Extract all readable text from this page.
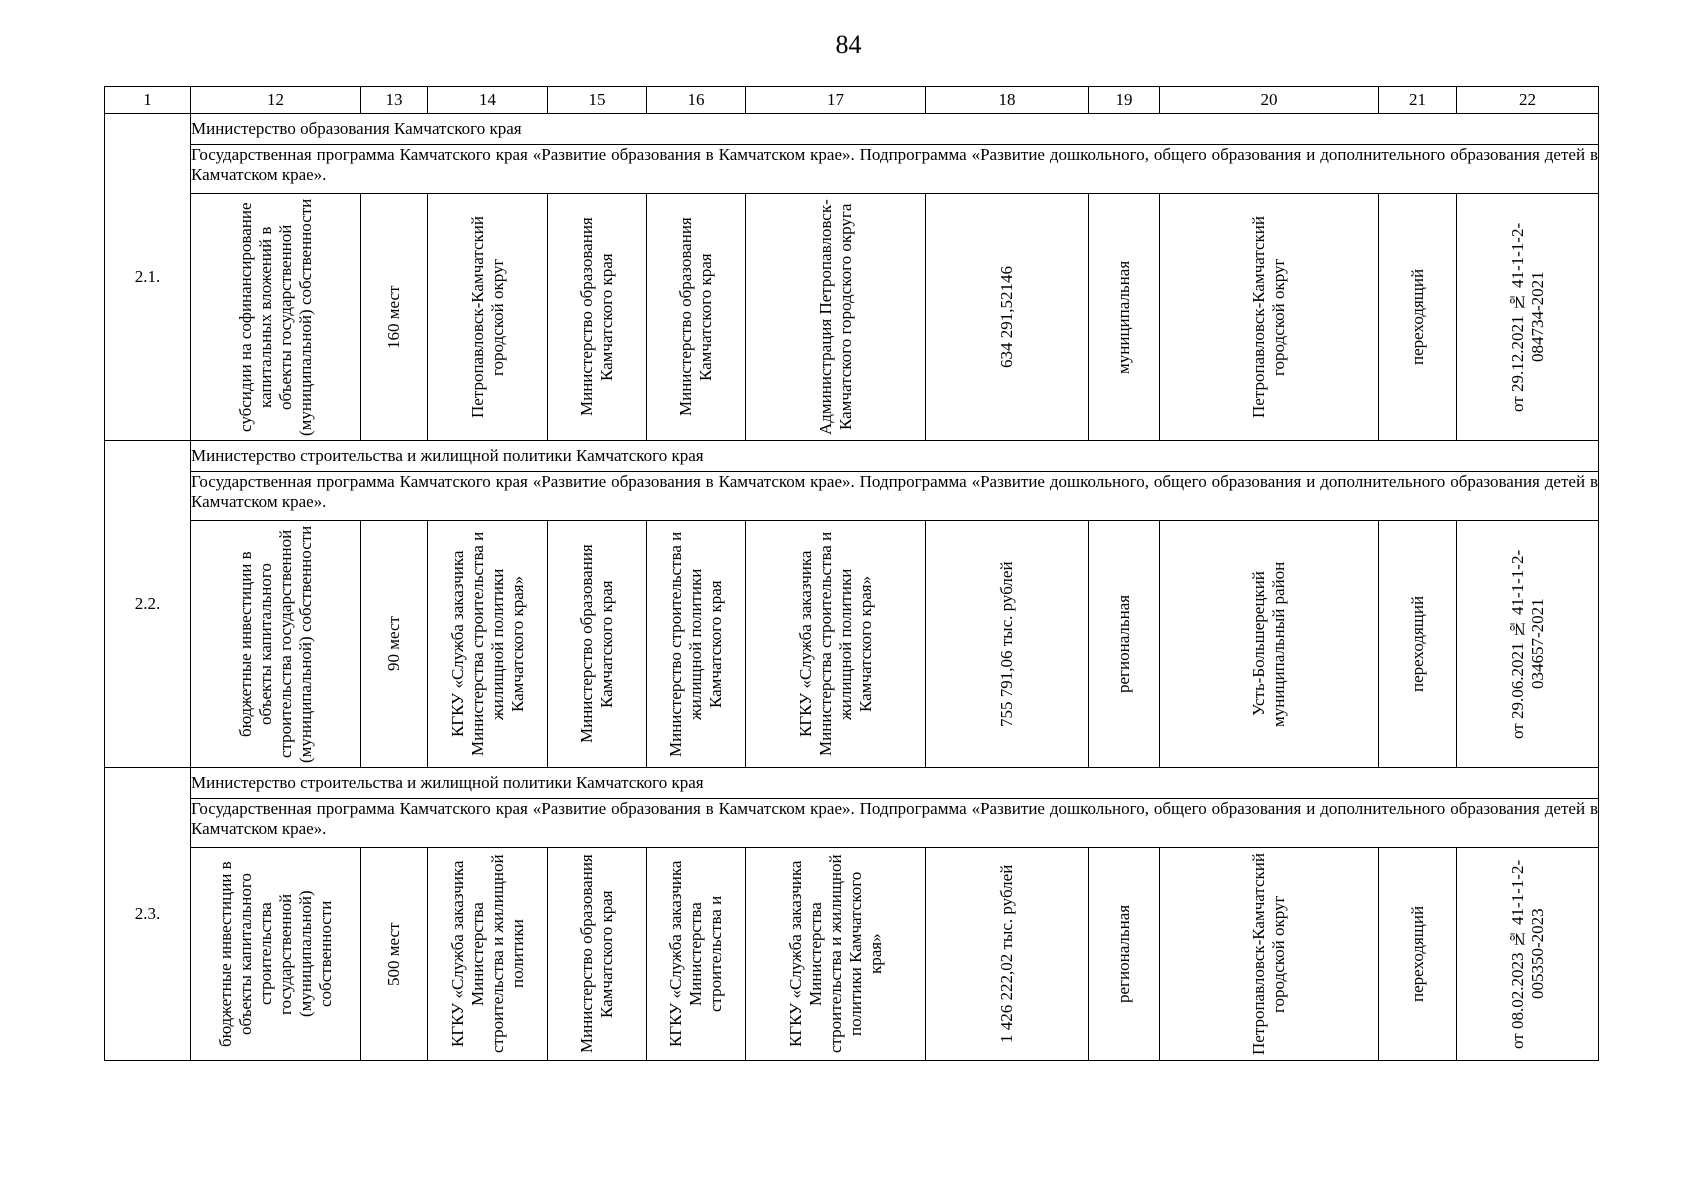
84
1	12	13	14	15	16	17	18	19	20	21	22
2.1.	Министерство образования Камчатского края										
	Государственная программа Камчатского края «Развитие образования в Камчатском крае». Подпрограмма «Развитие дошкольного, общего образования и дополнительного образования детей в Камчатском крае».										

	субсидии на софинансирование капитальных вложений в объекты государственной (муниципальной) собственности	160 мест	Петропавловск-Камчатский городской округ	Министерство образования Камчатского края	Министерство образования Камчатского края	Администрация Петропавловск-Камчатского городского округа	634 291,52146	муниципальная	Петропавловск-Камчатский городской округ	переходящий	от 29.12.2021 № 41-1-1-2-084734-2021

2.2.	Министерство строительства и жилищной политики Камчатского края										
	Государственная программа Камчатского края «Развитие образования в Камчатском крае». Подпрограмма «Развитие дошкольного, общего образования и дополнительного образования детей в Камчатском крае».										

	бюджетные инвестиции в объекты капитального строительства государственной (муниципальной) собственности	90 мест	КГКУ «Служба заказчика Министерства строительства и жилищной политики Камчатского края»	Министерство образования Камчатского края	Министерство строительства и жилищной политики Камчатского края	КГКУ «Служба заказчика Министерства строительства и жилищной политики Камчатского края»	755 791,06 тыс. рублей	региональная	Усть-Большерецкий муниципальный район	переходящий	от 29.06.2021 № 41-1-1-2-034657-2021

2.3.	Министерство строительства и жилищной политики Камчатского края										
	Государственная программа Камчатского края «Развитие образования в Камчатском крае». Подпрограмма «Развитие дошкольного, общего образования и дополнительного образования детей в Камчатском крае».										

	бюджетные инвестиции в объекты капитального строительства государственной (муниципальной) собственности	500 мест	КГКУ «Служба заказчика Министерства строительства и жилищной политики	Министерство образования Камчатского края	КГКУ «Служба заказчика Министерства строительства и	КГКУ «Служба заказчика Министерства строительства и жилищной политики Камчатского края»	1 426 222,02 тыс. рублей	региональная	Петропавловск-Камчатский городской округ	переходящий	от 08.02.2023 № 41-1-1-2-005350-2023
